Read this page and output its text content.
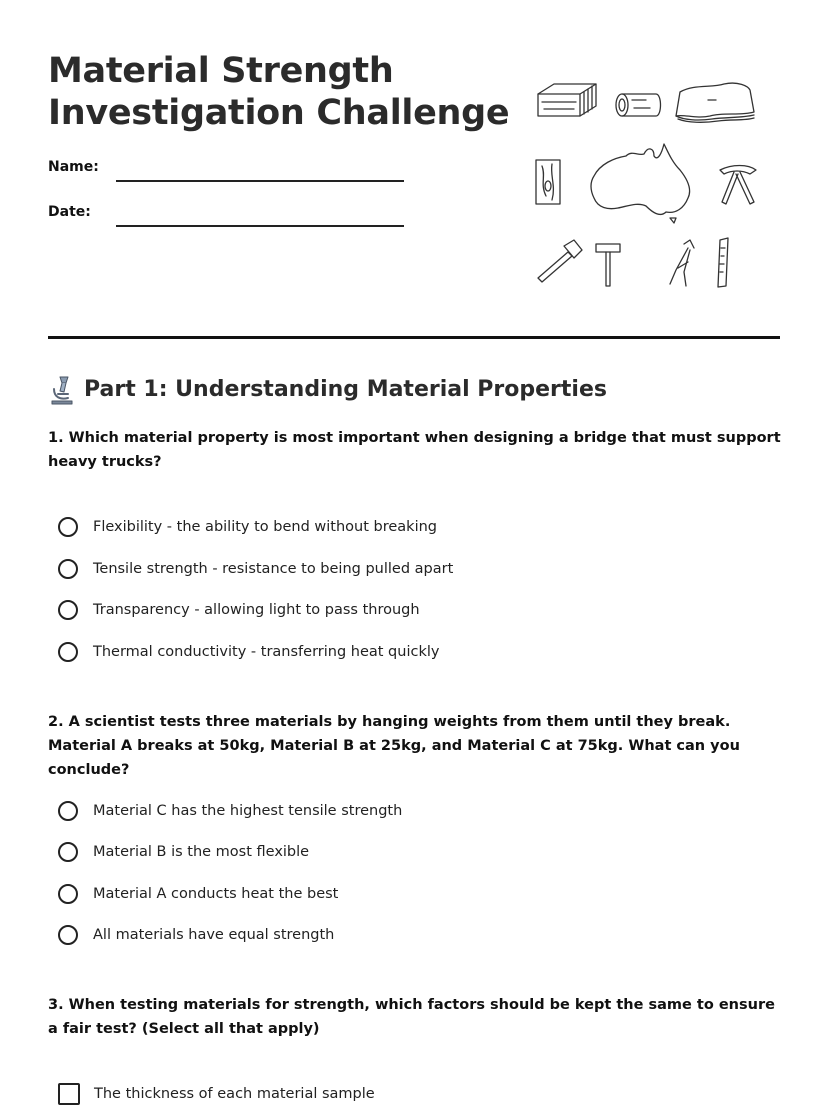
Material Strength
Investigation Challenge
Name:
Date:
Part 1: Understanding Material Properties

1. Which material property is most important when designing a bridge that must support heavy trucks?

Flexibility - the ability to bend without breaking
Tensile strength - resistance to being pulled apart
Transparency - allowing light to pass through
Thermal conductivity - transferring heat quickly

2. A scientist tests three materials by hanging weights from them until they break. Material A breaks at 50kg, Material B at 25kg, and Material C at 75kg. What can you conclude?

Material C has the highest tensile strength
Material B is the most flexible
Material A conducts heat the best
All materials have equal strength

3. When testing materials for strength, which factors should be kept the same to ensure a fair test? (Select all that apply)

The thickness of each material sample
